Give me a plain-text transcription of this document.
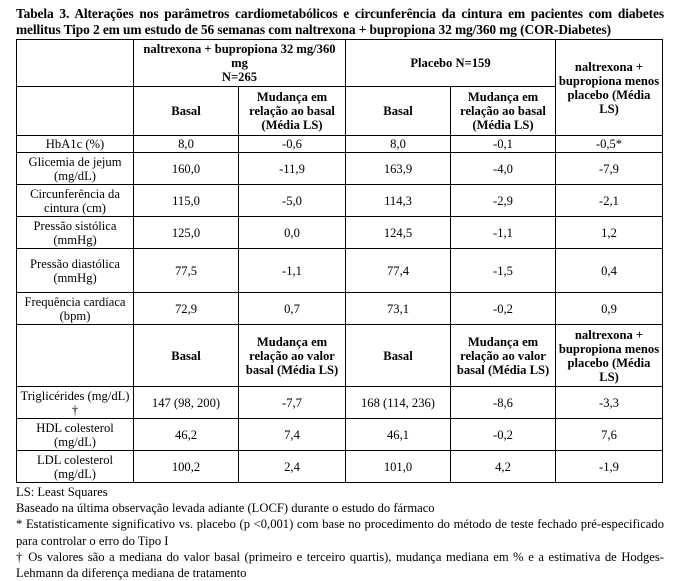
Tabela 3. Alterações nos parâmetros cardiometabólicos e circunferência da cintura em pacientes com diabetes mellitus Tipo 2 em um estudo de 56 semanas com naltrexona + bupropiona 32 mg/360 mg (COR-Diabetes)
	naltrexona + bupropiona 32 mg/360 mg
N=265		Placebo N=159		naltrexona + bupropiona menos placebo (Média LS)
	Basal	Mudança em relação ao basal (Média LS)	Basal	Mudança em relação ao basal (Média LS)	
HbA1c (%)	8,0	-0,6	8,0	-0,1	-0,5*
Glicemia de jejum (mg/dL)	160,0	-11,9	163,9	-4,0	-7,9
Circunferência da cintura (cm)	115,0	-5,0	114,3	-2,9	-2,1
Pressão sistólica (mmHg)	125,0	0,0	124,5	-1,1	1,2
Pressão diastólica (mmHg)	77,5	-1,1	77,4	-1,5	0,4
Frequência cardíaca (bpm)	72,9	0,7	73,1	-0,2	0,9
	Basal	Mudança em relação ao valor basal (Média LS)	Basal	Mudança em relação ao valor basal (Média LS)	naltrexona + bupropiona menos placebo (Média LS)
Triglicérides (mg/dL) †	147 (98, 200)	-7,7	168 (114, 236)	-8,6	-3,3
HDL colesterol (mg/dL)	46,2	7,4	46,1	-0,2	7,6
LDL colesterol (mg/dL)	100,2	2,4	101,0	4,2	-1,9
LS: Least Squares
Baseado na última observação levada adiante (LOCF) durante o estudo do fármaco
* Estatisticamente significativo vs. placebo (p <0,001) com base no procedimento do método de teste fechado pré-especificado para controlar o erro do Tipo I
† Os valores são a mediana do valor basal (primeiro e terceiro quartis), mudança mediana em % e a estimativa de Hodges-Lehmann da diferença mediana de tratamento
